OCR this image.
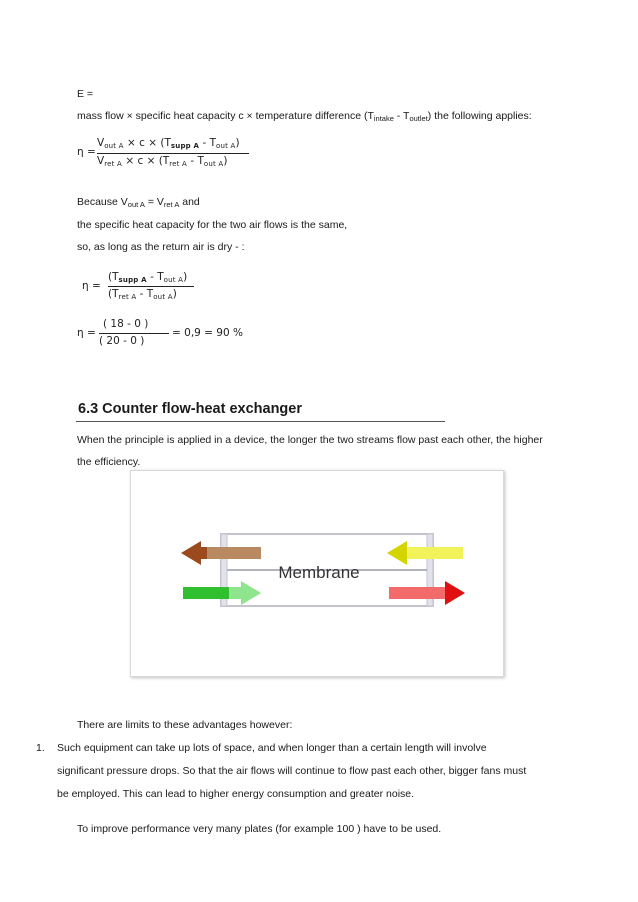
E =
mass flow × specific heat capacity c × temperature difference (Tintake - Toutlet) the following applies:
η =
Vout A × c × (Tsupp A - Tout A)
Vret A × c × (Tret A - Tout A)
Because Vout A = Vret A and
the specific heat capacity for the two air flows is the same,
so, as long as the return air is dry - :
η =
(Tsupp A - Tout A)
(Tret A - Tout A)
η =
( 18 - 0 )
( 20 - 0 )
= 0,9 = 90 %
6.3 Counter flow-heat exchanger
When the principle is applied in a device, the longer the two streams flow past each other, the higher
the efficiency.
Membrane
There are limits to these advantages however:
1. Such equipment can take up lots of space, and when longer than a certain length will involve
significant pressure drops. So that the air flows will continue to flow past each other, bigger fans must
be employed. This can lead to higher energy consumption and greater noise.
To improve performance very many plates (for example 100 ) have to be used.
